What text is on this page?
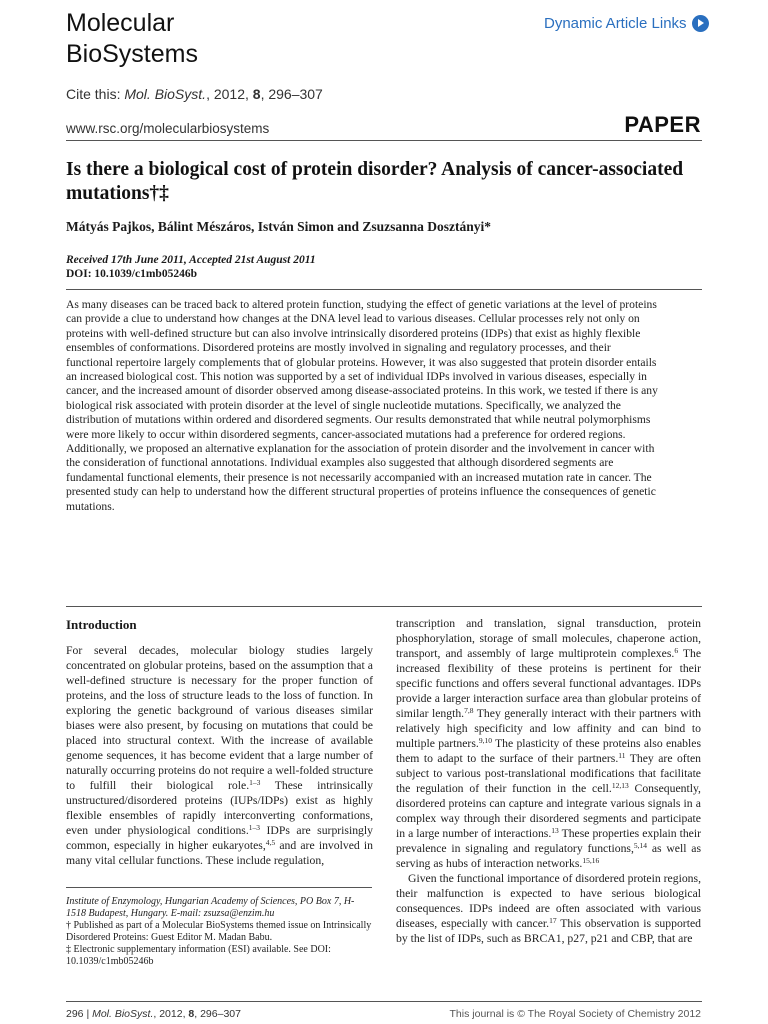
Molecular
BioSystems
Dynamic Article Links
Cite this: Mol. BioSyst., 2012, 8, 296–307
www.rsc.org/molecularbiosystems	PAPER
Is there a biological cost of protein disorder? Analysis of cancer-associated mutations†‡
Mátyás Pajkos, Bálint Mészáros, István Simon and Zsuzsanna Dosztányi*
Received 17th June 2011, Accepted 21st August 2011
DOI: 10.1039/c1mb05246b
As many diseases can be traced back to altered protein function, studying the effect of genetic variations at the level of proteins can provide a clue to understand how changes at the DNA level lead to various diseases. Cellular processes rely not only on proteins with well-defined structure but can also involve intrinsically disordered proteins (IDPs) that exist as highly flexible ensembles of conformations. Disordered proteins are mostly involved in signaling and regulatory processes, and their functional repertoire largely complements that of globular proteins. However, it was also suggested that protein disorder entails an increased biological cost. This notion was supported by a set of individual IDPs involved in various diseases, especially in cancer, and the increased amount of disorder observed among disease-associated proteins. In this work, we tested if there is any biological risk associated with protein disorder at the level of single nucleotide mutations. Specifically, we analyzed the distribution of mutations within ordered and disordered segments. Our results demonstrated that while neutral polymorphisms were more likely to occur within disordered segments, cancer-associated mutations had a preference for ordered regions. Additionally, we proposed an alternative explanation for the association of protein disorder and the involvement in cancer with the consideration of functional annotations. Individual examples also suggested that although disordered segments are fundamental functional elements, their presence is not necessarily accompanied with an increased mutation rate in cancer. The presented study can help to understand how the different structural properties of proteins influence the consequences of genetic mutations.
Introduction

For several decades, molecular biology studies largely concentrated on globular proteins, based on the assumption that a well-defined structure is necessary for the proper function of proteins, and the loss of structure leads to the loss of function. In exploring the genetic background of various diseases similar biases were also present, by focusing on mutations that could be placed into structural context. With the increase of available genome sequences, it has become evident that a large number of naturally occurring proteins do not require a well-folded structure to fulfill their biological role.$^{1-3}$ These intrinsically unstructured/disordered proteins (IUPs/IDPs) exist as highly flexible ensembles of rapidly interconverting conformations, even under physiological conditions.$^{1-3}$ IDPs are surprisingly common, especially in higher eukaryotes,$^{4,5}$ and are involved in many vital cellular functions. These include regulation,

transcription and translation, signal transduction, protein phosphorylation, storage of small molecules, chaperone action, transport, and assembly of large multiprotein complexes.$^6$ The increased flexibility of these proteins is pertinent for their specific functions and offers several functional advantages. IDPs provide a larger interaction surface area than globular proteins of similar length.$^{7,8}$ They generally interact with their partners with relatively high specificity and low affinity and can bind to multiple partners.$^{9,10}$ The plasticity of these proteins also enables them to adapt to the surface of their partners.$^{11}$ They are often subject to various post-translational modifications that facilitate the regulation of their function in the cell.$^{12,13}$ Consequently, disordered proteins can capture and integrate various signals in a complex way through their disordered segments and participate in a large number of interactions.$^{13}$ These properties explain their prevalence in signaling and regulatory functions,$^{5,14}$ as well as serving as hubs of interaction networks.$^{15,16}$

Given the functional importance of disordered protein regions, their malfunction is expected to have serious biological consequences. IDPs indeed are often associated with various diseases, especially with cancer.$^{17}$ This observation is supported by the list of IDPs, such as BRCA1, p27, p21 and CBP, that are

Institute of Enzymology, Hungarian Academy of Sciences, PO Box 7, H-1518 Budapest, Hungary. E-mail: zsuzsa@enzim.hu
† Published as part of a Molecular BioSystems themed issue on Intrinsically Disordered Proteins: Guest Editor M. Madan Babu.
‡ Electronic supplementary information (ESI) available. See DOI: 10.1039/c1mb05246b
296 | Mol. BioSyst., 2012, 8, 296–307	This journal is © The Royal Society of Chemistry 2012
